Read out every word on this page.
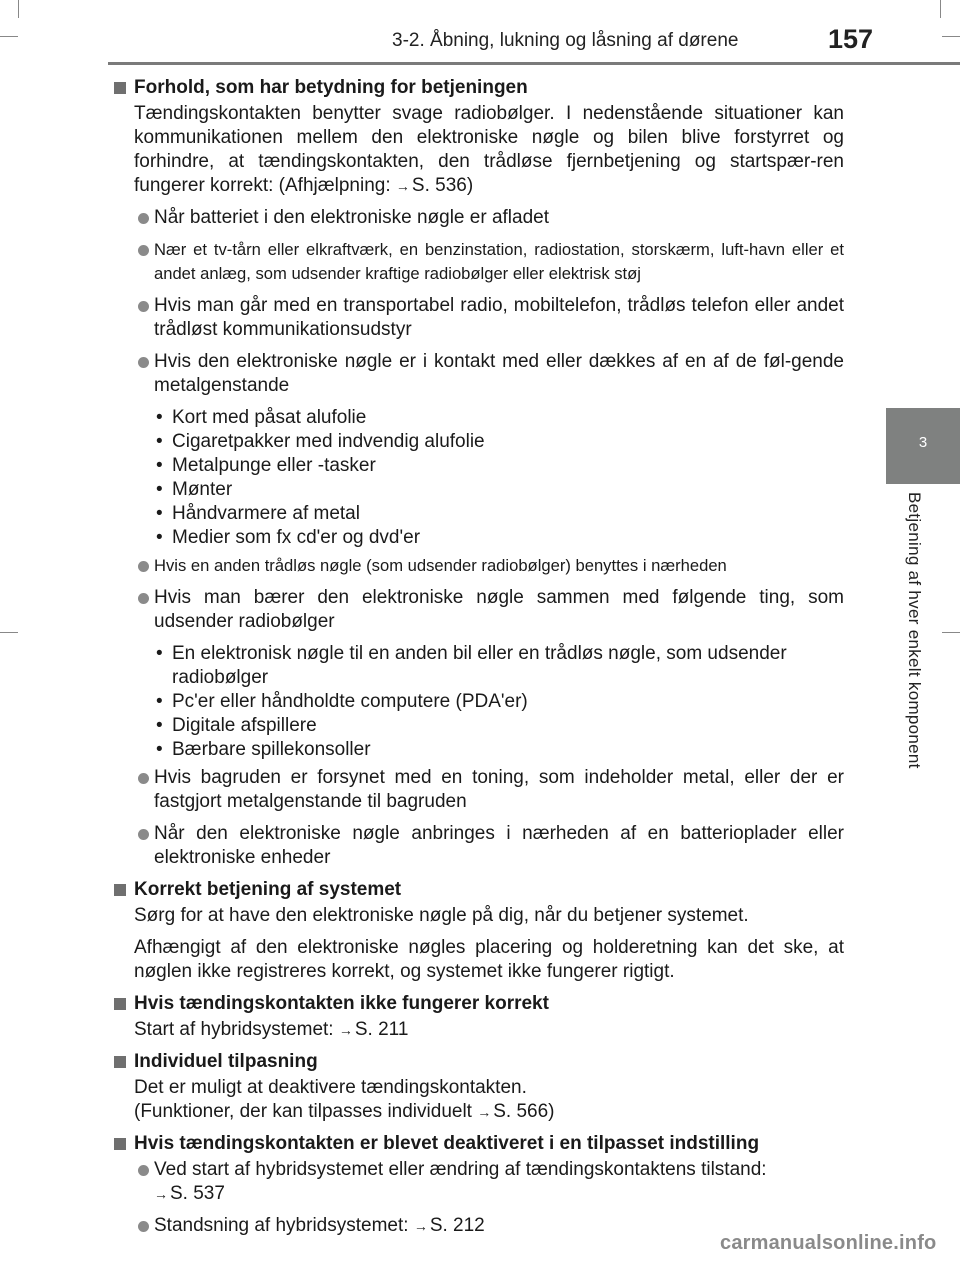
3-2. Åbning, lukning og låsning af dørene	157
3
Betjening af hver enkelt komponent
Forhold, som har betydning for betjeningen
Tændingskontakten benytter svage radiobølger. I nedenstående situationer kan kommunikationen mellem den elektroniske nøgle og bilen blive forstyrret og forhindre, at tændingskontakten, den trådløse fjernbetjening og startspær-ren fungerer korrekt: (Afhjælpning: → S. 536)
Når batteriet i den elektroniske nøgle er afladet
Nær et tv-tårn eller elkraftværk, en benzinstation, radiostation, storskærm, luft-havn eller et andet anlæg, som udsender kraftige radiobølger eller elektrisk støj
Hvis man går med en transportabel radio, mobiltelefon, trådløs telefon eller andet trådløst kommunikationsudstyr
Hvis den elektroniske nøgle er i kontakt med eller dækkes af en af de føl-gende metalgenstande
• Kort med påsat alufolie
• Cigaretpakker med indvendig alufolie
• Metalpunge eller -tasker
• Mønter
• Håndvarmere af metal
• Medier som fx cd'er og dvd'er
Hvis en anden trådløs nøgle (som udsender radiobølger) benyttes i nærheden
Hvis man bærer den elektroniske nøgle sammen med følgende ting, som udsender radiobølger
• En elektronisk nøgle til en anden bil eller en trådløs nøgle, som udsender radiobølger
• Pc'er eller håndholdte computere (PDA'er)
• Digitale afspillere
• Bærbare spillekonsoller
Hvis bagruden er forsynet med en toning, som indeholder metal, eller der er fastgjort metalgenstande til bagruden
Når den elektroniske nøgle anbringes i nærheden af en batterioplader eller elektroniske enheder
Korrekt betjening af systemet
Sørg for at have den elektroniske nøgle på dig, når du betjener systemet.
Afhængigt af den elektroniske nøgles placering og holderetning kan det ske, at nøglen ikke registreres korrekt, og systemet ikke fungerer rigtigt.
Hvis tændingskontakten ikke fungerer korrekt
Start af hybridsystemet: → S. 211
Individuel tilpasning
Det er muligt at deaktivere tændingskontakten.
(Funktioner, der kan tilpasses individuelt → S. 566)
Hvis tændingskontakten er blevet deaktiveret i en tilpasset indstilling
Ved start af hybridsystemet eller ændring af tændingskontaktens tilstand:
→ S. 537
Standsning af hybridsystemet: → S. 212
carmanualsonline.info
